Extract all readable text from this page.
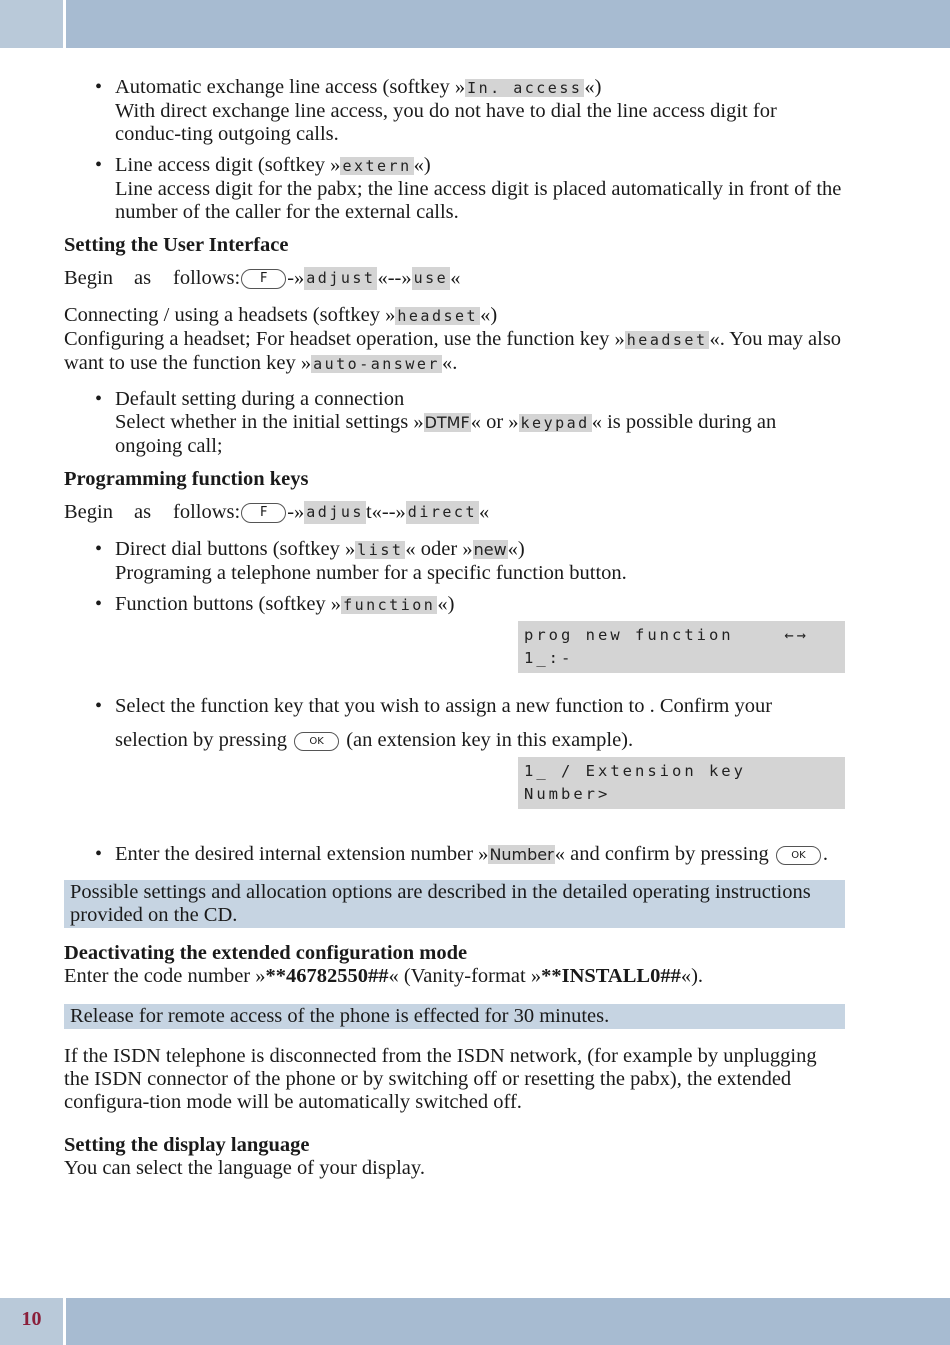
• Automatic exchange line access (softkey » In. access«)
With direct exchange line access, you do not have to dial the line access digit for conduc-ting outgoing calls.
• Line access digit (softkey » extern«)
Line access digit for the pabx; the line access digit is placed automatically in front of the number of the caller for the external calls.
Setting the User Interface
Begin	as	follows:	F -» adjust «--» use «
Connecting / using a headsets (softkey » headset«)
Configuring a headset; For headset operation, use the function key » headset«. You may also want to use the function key » auto-answer«.
• Default setting during a connection
Select whether in the initial settings »DTMF« or » keypad« is possible during an ongoing call;
Programming function keys
Begin	as	follows:	F -» adjus t «--» direct «
• Direct dial buttons (softkey » list« oder »new«)
Programing a telephone number for a specific function button.
• Function buttons (softkey » function«)
prog new function	←→
1_:-
• Select the function key that you wish to assign a new function to . Confirm your selection by pressing OK (an extension key in this example).
1_ / Extension key
Number>
• Enter the desired internal extension number »Number« and confirm by pressing OK .
Possible settings and allocation options are described in the detailed operating instructions provided on the CD.
Deactivating the extended configuration mode
Enter the code number »**46782550##« (Vanity-format »**INSTALL0##«).
Release for remote access of the phone is effected for 30 minutes.
If the ISDN telephone is disconnected from the ISDN network, (for example by unplugging the ISDN connector of the phone or by switching off or resetting the pabx), the extended configura-tion mode will be automatically switched off.
Setting the display language
You can select the language of your display.
10
